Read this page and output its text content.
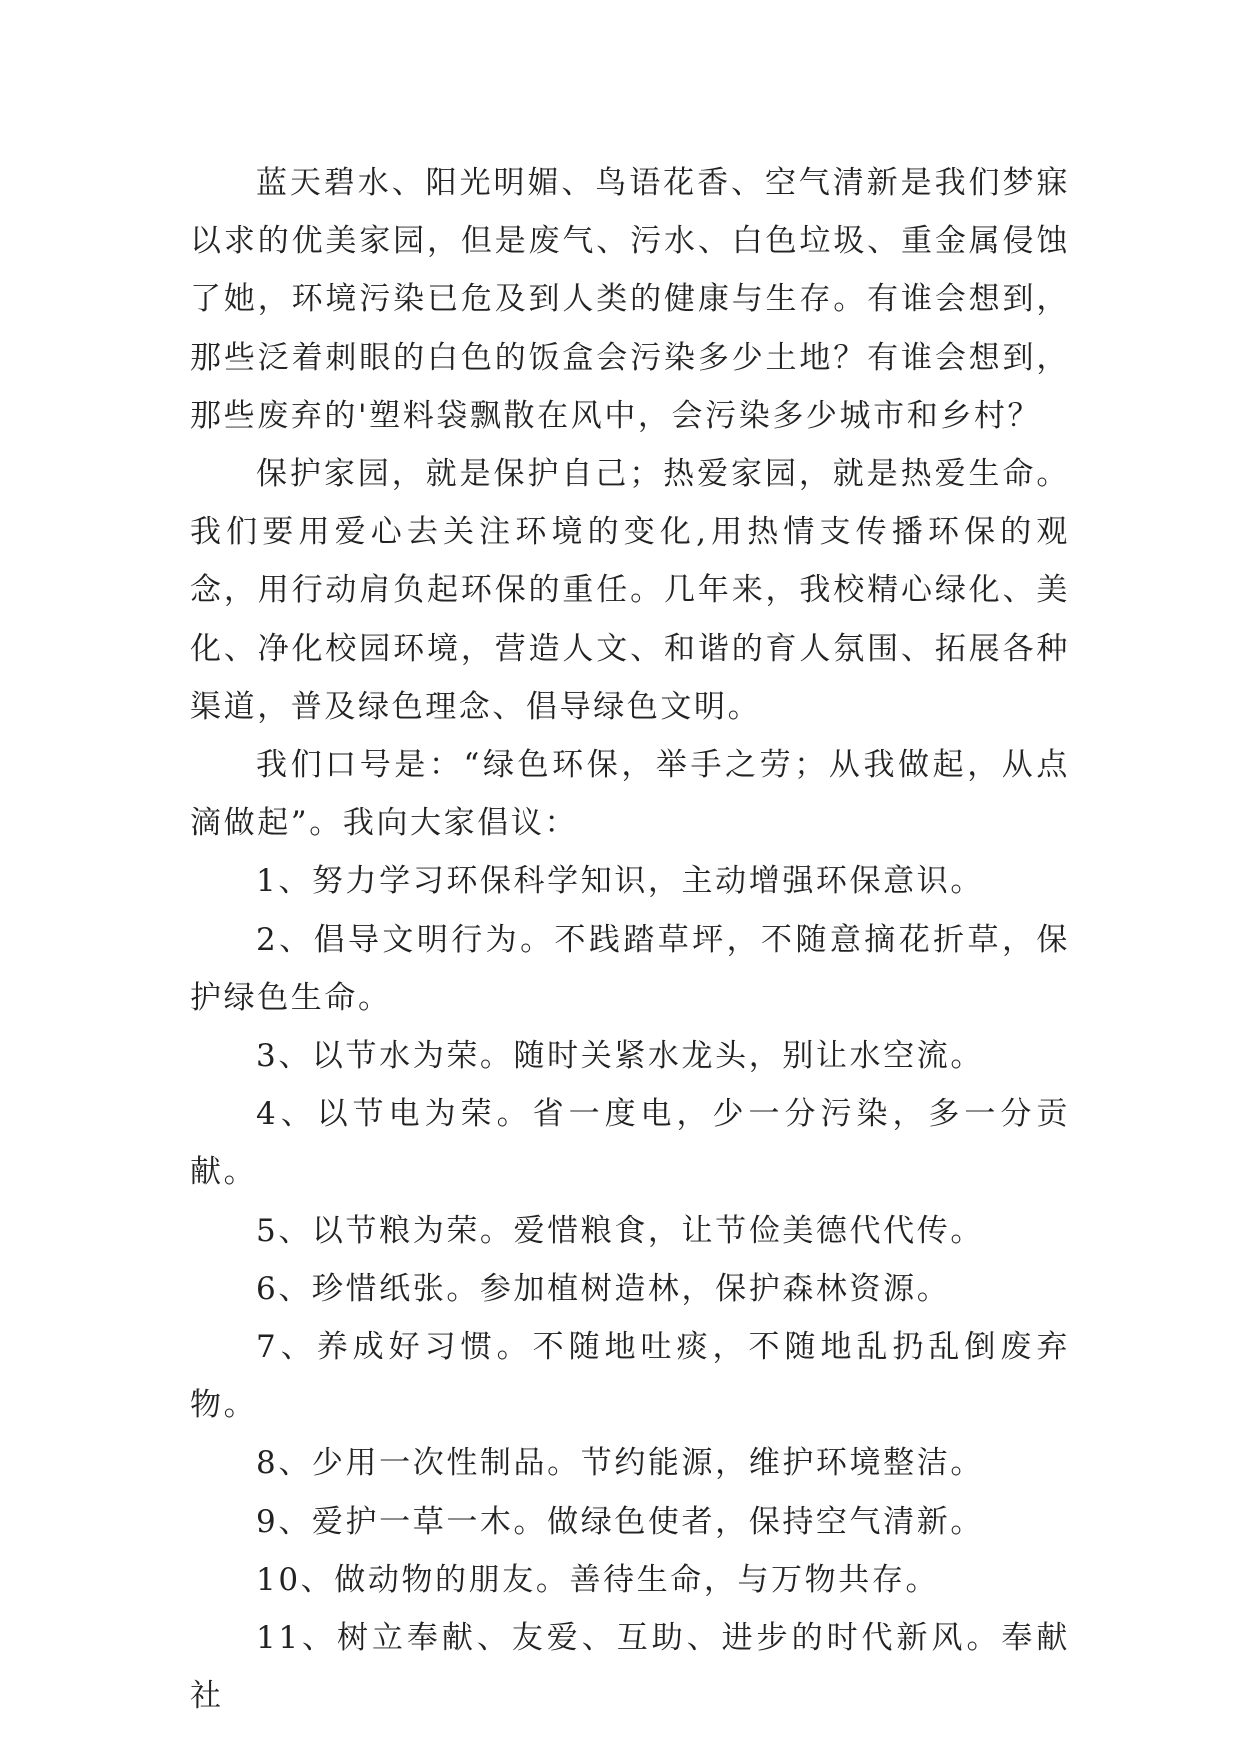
蓝天碧水、阳光明媚、鸟语花香、空气清新是我们梦寐以求的优美家园，但是废气、污水、白色垃圾、重金属侵蚀了她，环境污染已危及到人类的健康与生存。有谁会想到，那些泛着刺眼的白色的饭盒会污染多少土地？有谁会想到，那些废弃的'塑料袋飘散在风中，会污染多少城市和乡村？

保护家园，就是保护自己；热爱家园，就是热爱生命。我们要用爱心去关注环境的变化,用热情支传播环保的观念，用行动肩负起环保的重任。几年来，我校精心绿化、美化、净化校园环境，营造人文、和谐的育人氛围、拓展各种渠道，普及绿色理念、倡导绿色文明。

我们口号是：“绿色环保，举手之劳；从我做起，从点滴做起”。我向大家倡议：

1、努力学习环保科学知识，主动增强环保意识。

2、倡导文明行为。不践踏草坪，不随意摘花折草，保护绿色生命。

3、以节水为荣。随时关紧水龙头，别让水空流。

4、以节电为荣。省一度电，少一分污染，多一分贡献。

5、以节粮为荣。爱惜粮食，让节俭美德代代传。

6、珍惜纸张。参加植树造林，保护森林资源。

7、养成好习惯。不随地吐痰，不随地乱扔乱倒废弃物。

8、少用一次性制品。节约能源，维护环境整洁。

9、爱护一草一木。做绿色使者，保持空气清新。

10、做动物的朋友。善待生命，与万物共存。

11、树立奉献、友爱、互助、进步的时代新风。奉献社
